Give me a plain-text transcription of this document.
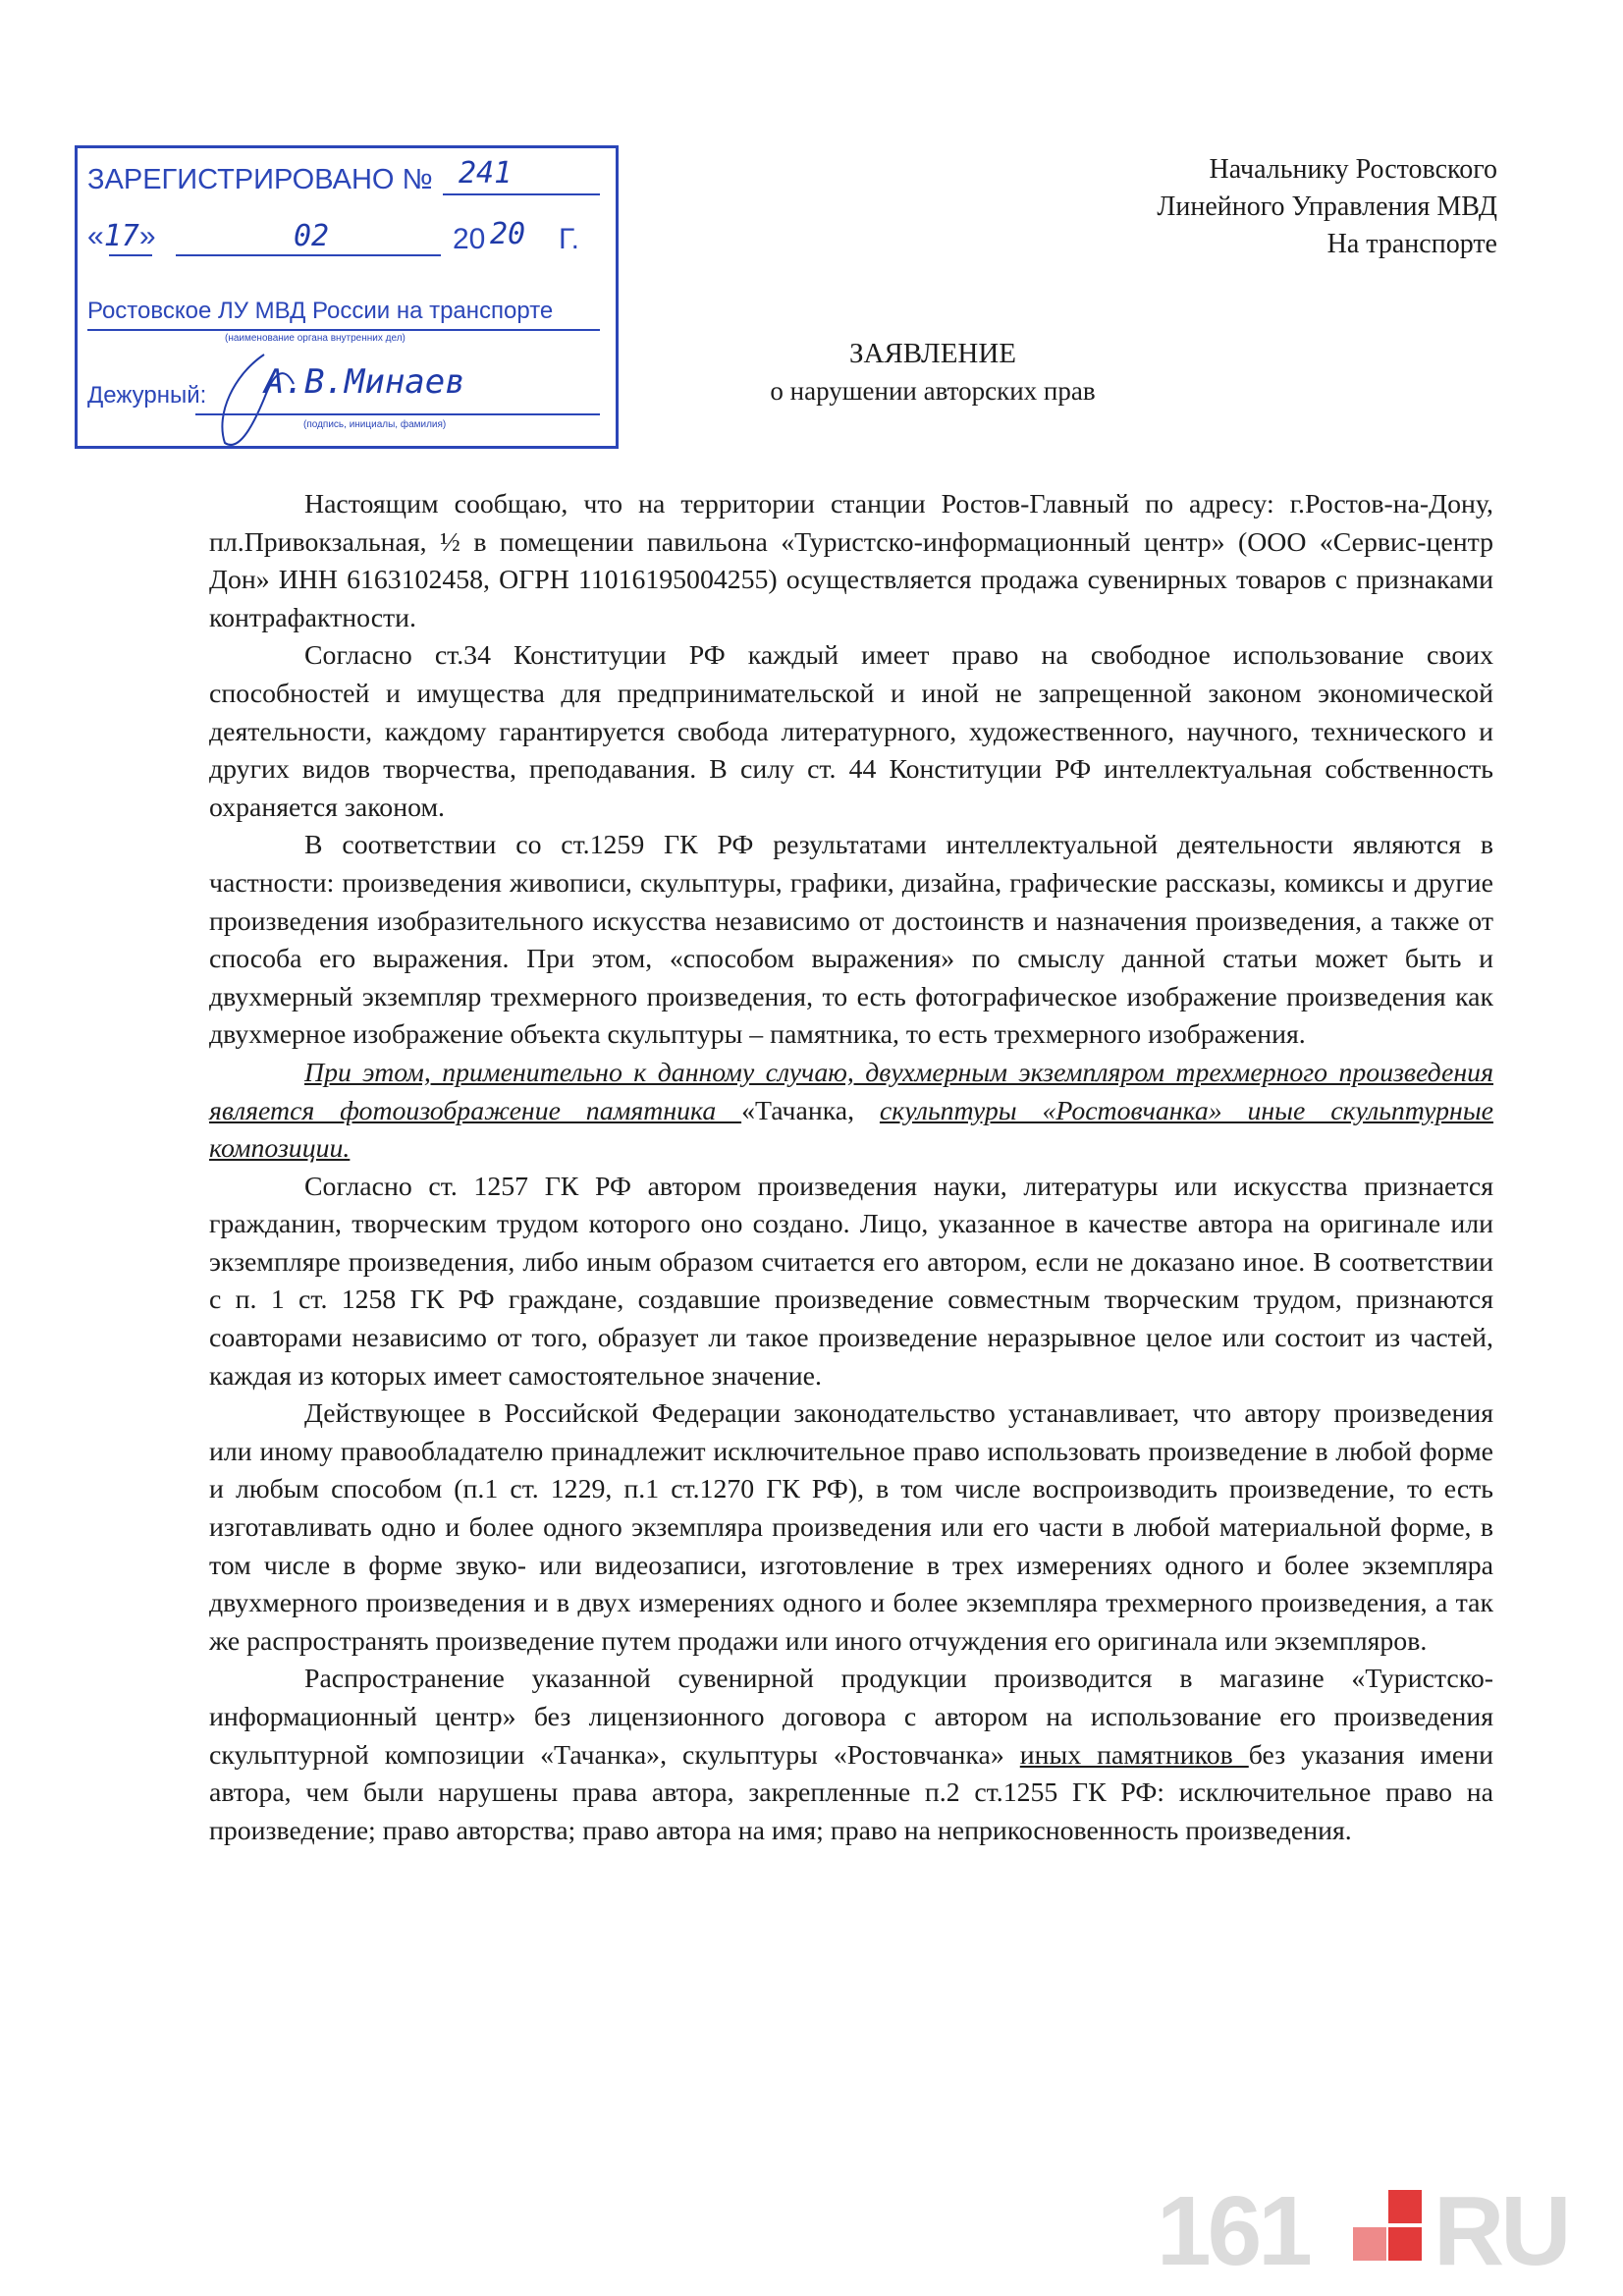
ЗАРЕГИСТРИРОВАНО № 241
«17»	02	20 20 Г.
Ростовское ЛУ МВД России на транспорте
(наименование органа внутренних дел)
Дежурный: А.В.Минаев
(подпись, инициалы, фамилия)
Начальнику Ростовского
Линейного Управления МВД
На транспорте
ЗАЯВЛЕНИЕ
о нарушении авторских прав

Настоящим сообщаю, что на территории станции Ростов-Главный по адресу: г.Ростов-на-Дону, пл.Привокзальная, ½ в помещении павильона «Туристско-информационный центр» (ООО «Сервис-центр Дон» ИНН 6163102458, ОГРН 1101619500425​5) осуществляется продажа сувенирных товаров с признаками контрафактности.

Согласно ст.34 Конституции РФ каждый имеет право на свободное использование своих способностей и имущества для предпринимательской и иной не запрещенной законом экономической деятельности, каждому гарантируется свобода литературного, художественного, научного, технического и других видов творчества, преподавания. В силу ст. 44 Конституции РФ интеллектуальная собственность охраняется законом.

В соответствии со ст.1259 ГК РФ результатами интеллектуальной деятельности являются в частности: произведения живописи, скульптуры, графики, дизайна, графические рассказы, комиксы и другие произведения изобразительного искусства независимо от достоинств и назначения произведения, а также от способа его выражения. При этом, «способом выражения» по смыслу данной статьи может быть и двухмерный экземпляр трехмерного произведения, то есть фотографическое изображение произведения как двухмерное изображение объекта скульптуры – памятника, то есть трехмерного изображения.

При этом, применительно к данному случаю, двухмерным экземпляром трехмерного произведения является фотоизображение памятника «Тачанка, скульптуры «Ростовчанка» иные скульптурные композиции.

Согласно ст. 1257 ГК РФ автором произведения науки, литературы или искусства признается гражданин, творческим трудом которого оно создано. Лицо, указанное в качестве автора на оригинале или экземпляре произведения, либо иным образом считается его автором, если не доказано иное. В соответствии с п. 1 ст. 1258 ГК РФ граждане, создавшие произведение совместным творческим трудом, признаются соавторами независимо от того, образует ли такое произведение неразрывное целое или состоит из частей, каждая из которых имеет самостоятельное значение.

Действующее в Российской Федерации законодательство устанавливает, что автору произведения или иному правообладателю принадлежит исключительное право использовать произведение в любой форме и любым способом (п.1 ст. 1229, п.1 ст.1270 ГК РФ), в том числе воспроизводить произведение, то есть изготавливать одно и более одного экземпляра произведения или его части в любой материальной форме, в том числе в форме звуко- или видеозаписи, изготовление в трех измерениях одного и более экземпляра двухмерного произведения и в двух измерениях одного и более экземпляра трехмерного произведения, а так же распространять произведение путем продажи или иного отчуждения его оригинала или экземпляров.

Распространение указанной сувенирной продукции производится в магазине «Туристско-информационный центр» без лицензионного договора с автором на использование его произведения скульптурной композиции «Тачанка», скульптуры «Ростовчанка» иных памятников без указания имени автора, чем были нарушены права автора, закрепленные п.2 ст.1255 ГК РФ: исключительное право на произведение; право авторства; право автора на имя; право на неприкосновенность произведения.

161 RU
